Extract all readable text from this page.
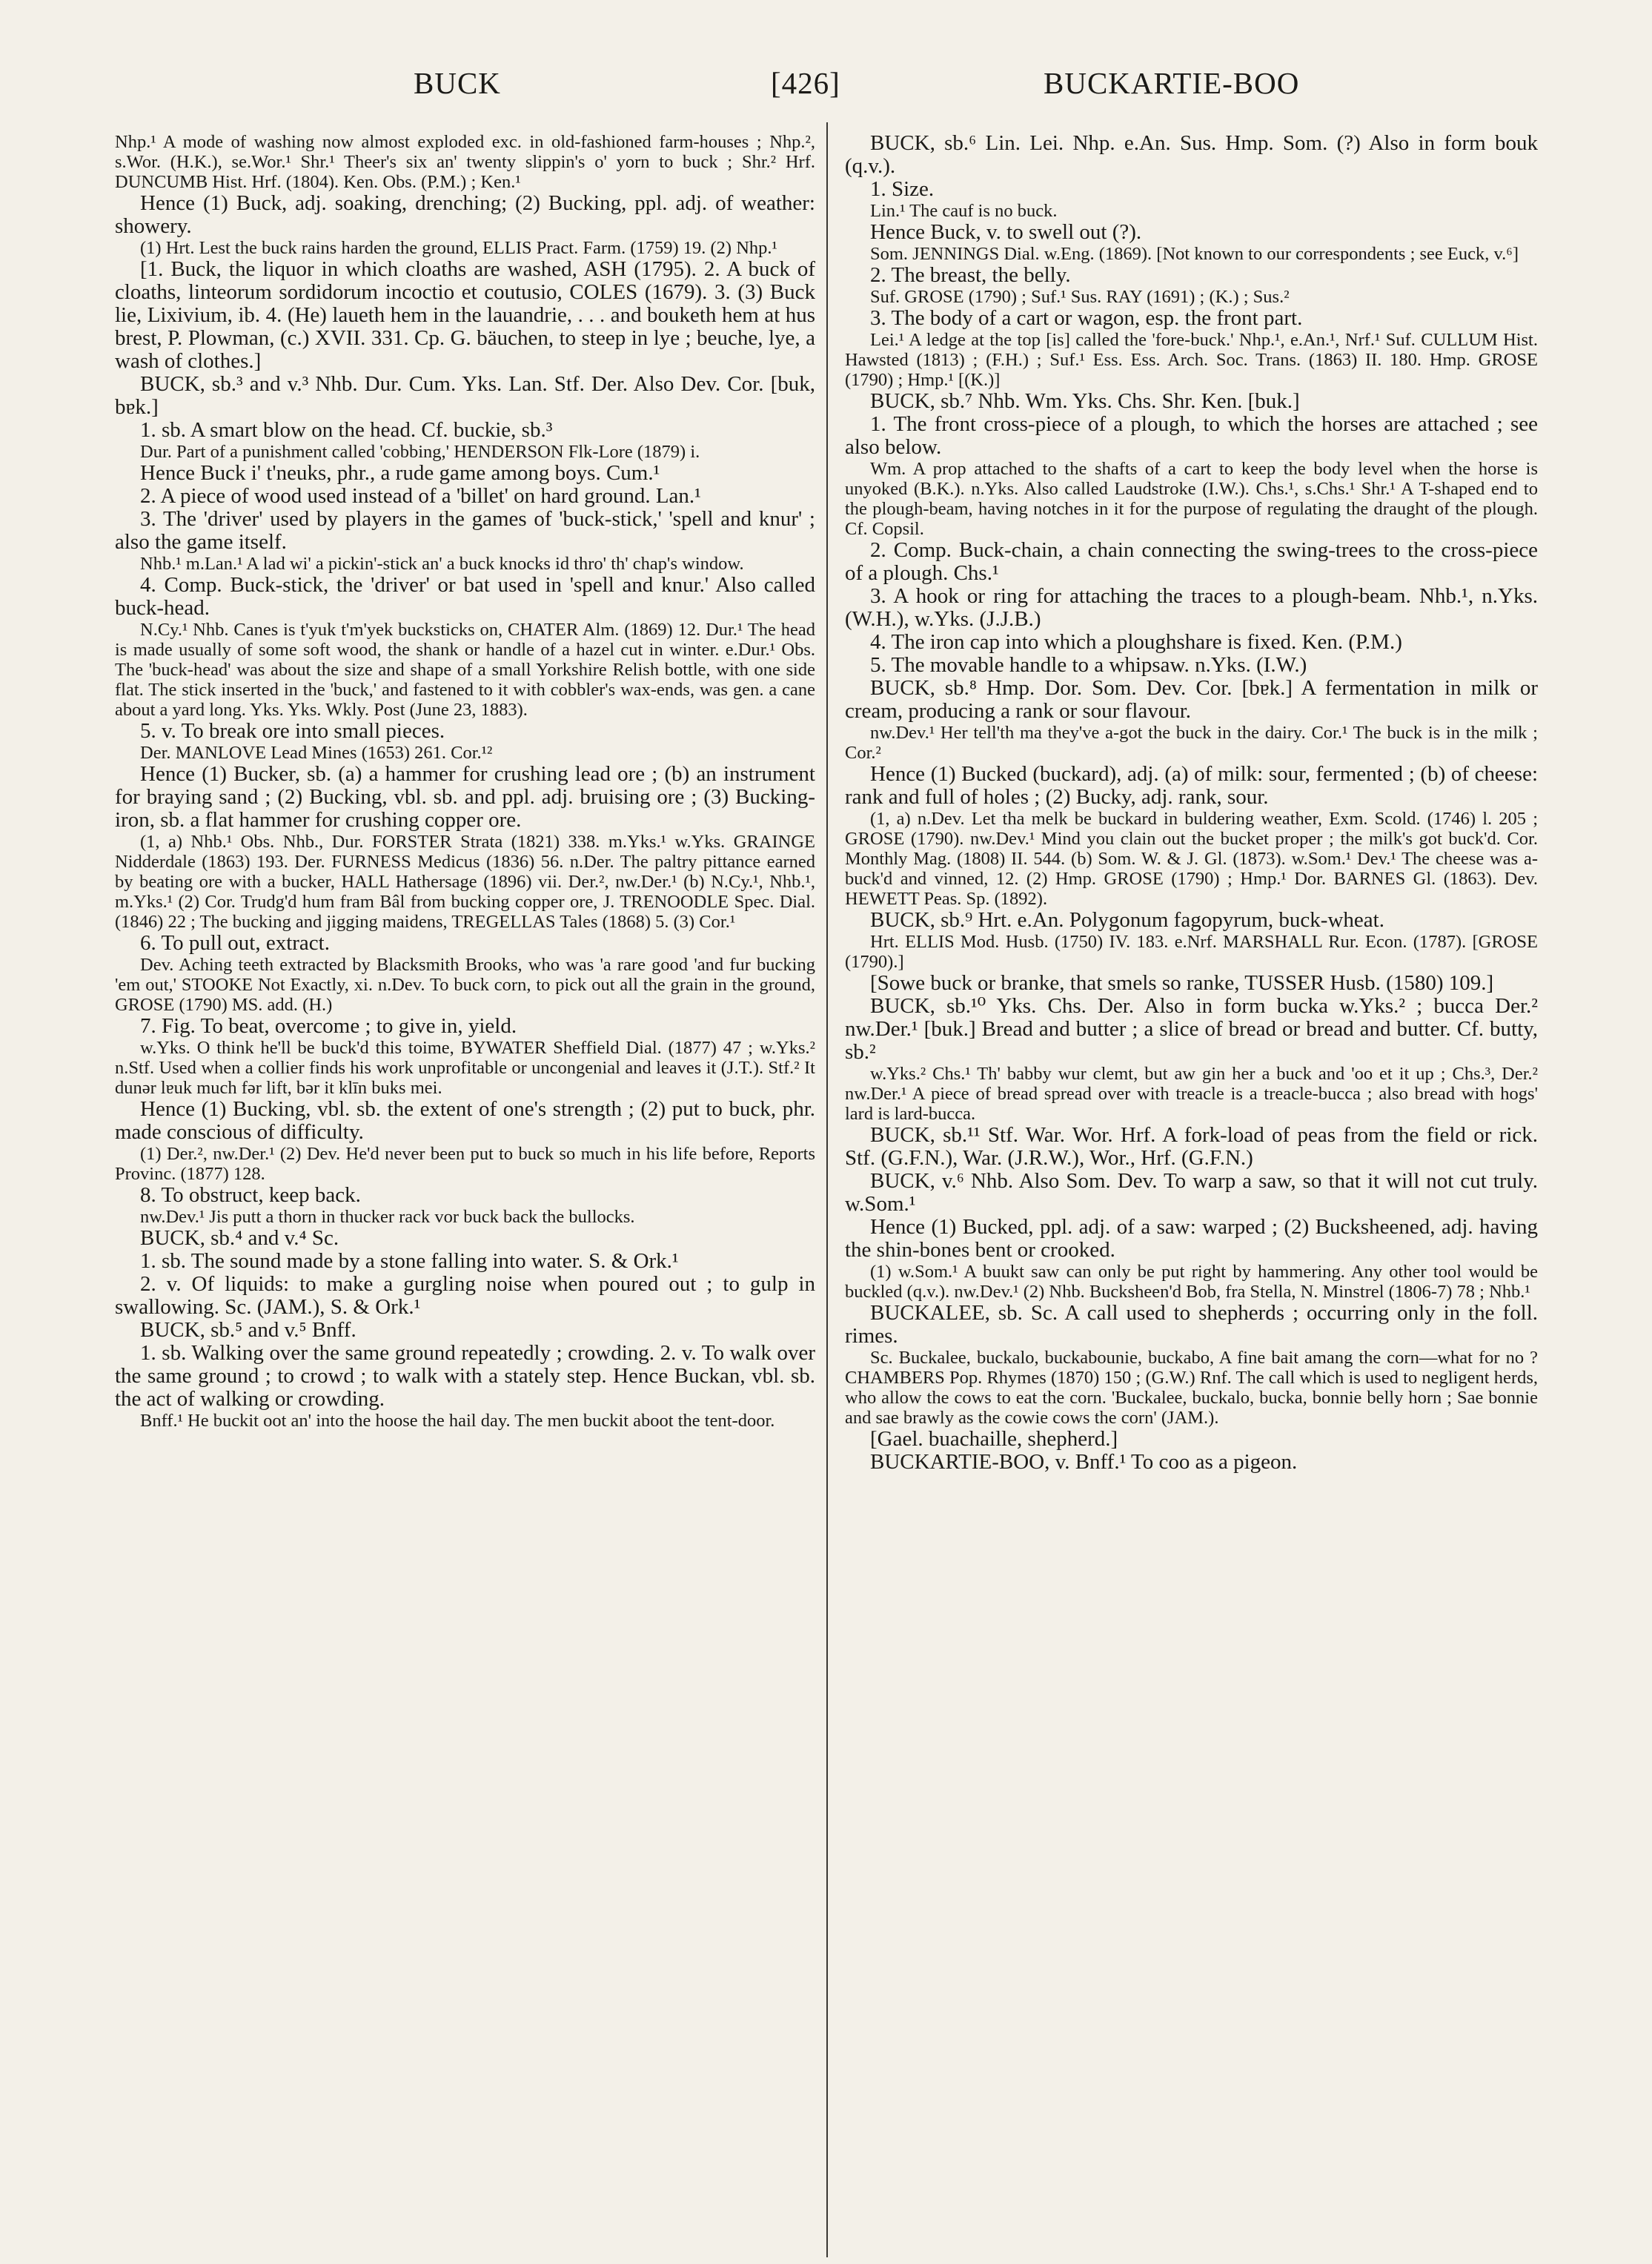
BUCK	[426]	BUCKARTIE-BOO

Nhp.¹ A mode of washing now almost exploded exc. in old-fashioned farm-houses ; Nhp.², s.Wor. (H.K.), se.Wor.¹ Shr.¹ Theer's six an' twenty slippin's o' yorn to buck ; Shr.² Hrf. DUNCUMB Hist. Hrf. (1804). Ken. Obs. (P.M.) ; Ken.¹

Hence (1) Buck, adj. soaking, drenching; (2) Bucking, ppl. adj. of weather: showery.

(1) Hrt. Lest the buck rains harden the ground, ELLIS Pract. Farm. (1759) 19. (2) Nhp.¹

[1. Buck, the liquor in which cloaths are washed, ASH (1795). 2. A buck of cloaths, linteorum sordidorum incoctio et coutusio, COLES (1679). 3. (3) Buck lie, Lixivium, ib. 4. (He) laueth hem in the lauandrie, . . . and bouketh hem at hus brest, P. Plowman, (c.) XVII. 331. Cp. G. bäuchen, to steep in lye ; beuche, lye, a wash of clothes.]

BUCK, sb.³ and v.³ Nhb. Dur. Cum. Yks. Lan. Stf. Der. Also Dev. Cor. [buk, bɐk.]

1. sb. A smart blow on the head. Cf. buckie, sb.³

Dur. Part of a punishment called 'cobbing,' HENDERSON Flk-Lore (1879) i.

Hence Buck i' t'neuks, phr., a rude game among boys. Cum.¹

2. A piece of wood used instead of a 'billet' on hard ground. Lan.¹

3. The 'driver' used by players in the games of 'buck-stick,' 'spell and knur' ; also the game itself.

Nhb.¹ m.Lan.¹ A lad wi' a pickin'-stick an' a buck knocks id thro' th' chap's window.

4. Comp. Buck-stick, the 'driver' or bat used in 'spell and knur.' Also called buck-head.

N.Cy.¹ Nhb. Canes is t'yuk t'm'yek bucksticks on, CHATER Alm. (1869) 12. Dur.¹ The head is made usually of some soft wood, the shank or handle of a hazel cut in winter. e.Dur.¹ Obs. The 'buck-head' was about the size and shape of a small Yorkshire Relish bottle, with one side flat. The stick inserted in the 'buck,' and fastened to it with cobbler's wax-ends, was gen. a cane about a yard long. Yks. Yks. Wkly. Post (June 23, 1883).

5. v. To break ore into small pieces.

Der. MANLOVE Lead Mines (1653) 261. Cor.¹²

Hence (1) Bucker, sb. (a) a hammer for crushing lead ore ; (b) an instrument for braying sand ; (2) Bucking, vbl. sb. and ppl. adj. bruising ore ; (3) Bucking-iron, sb. a flat hammer for crushing copper ore.

(1, a) Nhb.¹ Obs. Nhb., Dur. FORSTER Strata (1821) 338. m.Yks.¹ w.Yks. GRAINGE Nidderdale (1863) 193. Der. FURNESS Medicus (1836) 56. n.Der. The paltry pittance earned by beating ore with a bucker, HALL Hathersage (1896) vii. Der.², nw.Der.¹ (b) N.Cy.¹, Nhb.¹, m.Yks.¹ (2) Cor. Trudg'd hum fram Bâl from bucking copper ore, J. TRENOODLE Spec. Dial. (1846) 22 ; The bucking and jigging maidens, TREGELLAS Tales (1868) 5. (3) Cor.¹

6. To pull out, extract.

Dev. Aching teeth extracted by Blacksmith Brooks, who was 'a rare good 'and fur bucking 'em out,' STOOKE Not Exactly, xi. n.Dev. To buck corn, to pick out all the grain in the ground, GROSE (1790) MS. add. (H.)

7. Fig. To beat, overcome ; to give in, yield.

w.Yks. O think he'll be buck'd this toime, BYWATER Sheffield Dial. (1877) 47 ; w.Yks.² n.Stf. Used when a collier finds his work unprofitable or uncongenial and leaves it (J.T.). Stf.² It dunər lɐuk much fər lift, bər it klīn buks mei.

Hence (1) Bucking, vbl. sb. the extent of one's strength ; (2) put to buck, phr. made conscious of difficulty.

(1) Der.², nw.Der.¹ (2) Dev. He'd never been put to buck so much in his life before, Reports Provinc. (1877) 128.

8. To obstruct, keep back.

nw.Dev.¹ Jis putt a thorn in thucker rack vor buck back the bullocks.

BUCK, sb.⁴ and v.⁴ Sc.

1. sb. The sound made by a stone falling into water. S. & Ork.¹

2. v. Of liquids: to make a gurgling noise when poured out ; to gulp in swallowing. Sc. (JAM.), S. & Ork.¹

BUCK, sb.⁵ and v.⁵ Bnff.

1. sb. Walking over the same ground repeatedly ; crowding. 2. v. To walk over the same ground ; to crowd ; to walk with a stately step. Hence Buckan, vbl. sb. the act of walking or crowding.

Bnff.¹ He buckit oot an' into the hoose the hail day. The men buckit aboot the tent-door.

BUCK, sb.⁶ Lin. Lei. Nhp. e.An. Sus. Hmp. Som. (?) Also in form bouk (q.v.).

1. Size.

Lin.¹ The cauf is no buck.

Hence Buck, v. to swell out (?).

Som. JENNINGS Dial. w.Eng. (1869). [Not known to our correspondents ; see Euck, v.⁶]

2. The breast, the belly.

Suf. GROSE (1790) ; Suf.¹ Sus. RAY (1691) ; (K.) ; Sus.²

3. The body of a cart or wagon, esp. the front part.

Lei.¹ A ledge at the top [is] called the 'fore-buck.' Nhp.¹, e.An.¹, Nrf.¹ Suf. CULLUM Hist. Hawsted (1813) ; (F.H.) ; Suf.¹ Ess. Ess. Arch. Soc. Trans. (1863) II. 180. Hmp. GROSE (1790) ; Hmp.¹ [(K.)]

BUCK, sb.⁷ Nhb. Wm. Yks. Chs. Shr. Ken. [buk.]

1. The front cross-piece of a plough, to which the horses are attached ; see also below.

Wm. A prop attached to the shafts of a cart to keep the body level when the horse is unyoked (B.K.). n.Yks. Also called Laudstroke (I.W.). Chs.¹, s.Chs.¹ Shr.¹ A T-shaped end to the plough-beam, having notches in it for the purpose of regulating the draught of the plough. Cf. Copsil.

2. Comp. Buck-chain, a chain connecting the swing-trees to the cross-piece of a plough. Chs.¹

3. A hook or ring for attaching the traces to a plough-beam. Nhb.¹, n.Yks. (W.H.), w.Yks. (J.J.B.)

4. The iron cap into which a ploughshare is fixed. Ken. (P.M.)

5. The movable handle to a whipsaw. n.Yks. (I.W.)

BUCK, sb.⁸ Hmp. Dor. Som. Dev. Cor. [bɐk.] A fermentation in milk or cream, producing a rank or sour flavour.

nw.Dev.¹ Her tell'th ma they've a-got the buck in the dairy. Cor.¹ The buck is in the milk ; Cor.²

Hence (1) Bucked (buckard), adj. (a) of milk: sour, fermented ; (b) of cheese: rank and full of holes ; (2) Bucky, adj. rank, sour.

(1, a) n.Dev. Let tha melk be buckard in buldering weather, Exm. Scold. (1746) l. 205 ; GROSE (1790). nw.Dev.¹ Mind you clain out the bucket proper ; the milk's got buck'd. Cor. Monthly Mag. (1808) II. 544. (b) Som. W. & J. Gl. (1873). w.Som.¹ Dev.¹ The cheese was a-buck'd and vinned, 12. (2) Hmp. GROSE (1790) ; Hmp.¹ Dor. BARNES Gl. (1863). Dev. HEWETT Peas. Sp. (1892).

BUCK, sb.⁹ Hrt. e.An. Polygonum fagopyrum, buck-wheat.

Hrt. ELLIS Mod. Husb. (1750) IV. 183. e.Nrf. MARSHALL Rur. Econ. (1787). [GROSE (1790).]

[Sowe buck or branke, that smels so ranke, TUSSER Husb. (1580) 109.]

BUCK, sb.¹⁰ Yks. Chs. Der. Also in form bucka w.Yks.² ; bucca Der.² nw.Der.¹ [buk.] Bread and butter ; a slice of bread or bread and butter. Cf. butty, sb.²

w.Yks.² Chs.¹ Th' babby wur clemt, but aw gin her a buck and 'oo et it up ; Chs.³, Der.² nw.Der.¹ A piece of bread spread over with treacle is a treacle-bucca ; also bread with hogs' lard is lard-bucca.

BUCK, sb.¹¹ Stf. War. Wor. Hrf. A fork-load of peas from the field or rick. Stf. (G.F.N.), War. (J.R.W.), Wor., Hrf. (G.F.N.)

BUCK, v.⁶ Nhb. Also Som. Dev. To warp a saw, so that it will not cut truly. w.Som.¹

Hence (1) Bucked, ppl. adj. of a saw: warped ; (2) Bucksheened, adj. having the shin-bones bent or crooked.

(1) w.Som.¹ A buukt saw can only be put right by hammering. Any other tool would be buckled (q.v.). nw.Dev.¹ (2) Nhb. Bucksheen'd Bob, fra Stella, N. Minstrel (1806-7) 78 ; Nhb.¹

BUCKALEE, sb. Sc. A call used to shepherds ; occurring only in the foll. rimes.

Sc. Buckalee, buckalo, buckabounie, buckabo, A fine bait amang the corn—what for no ? CHAMBERS Pop. Rhymes (1870) 150 ; (G.W.) Rnf. The call which is used to negligent herds, who allow the cows to eat the corn. 'Buckalee, buckalo, bucka, bonnie belly horn ; Sae bonnie and sae brawly as the cowie cows the corn' (JAM.).

[Gael. buachaille, shepherd.]

BUCKARTIE-BOO, v. Bnff.¹ To coo as a pigeon.
